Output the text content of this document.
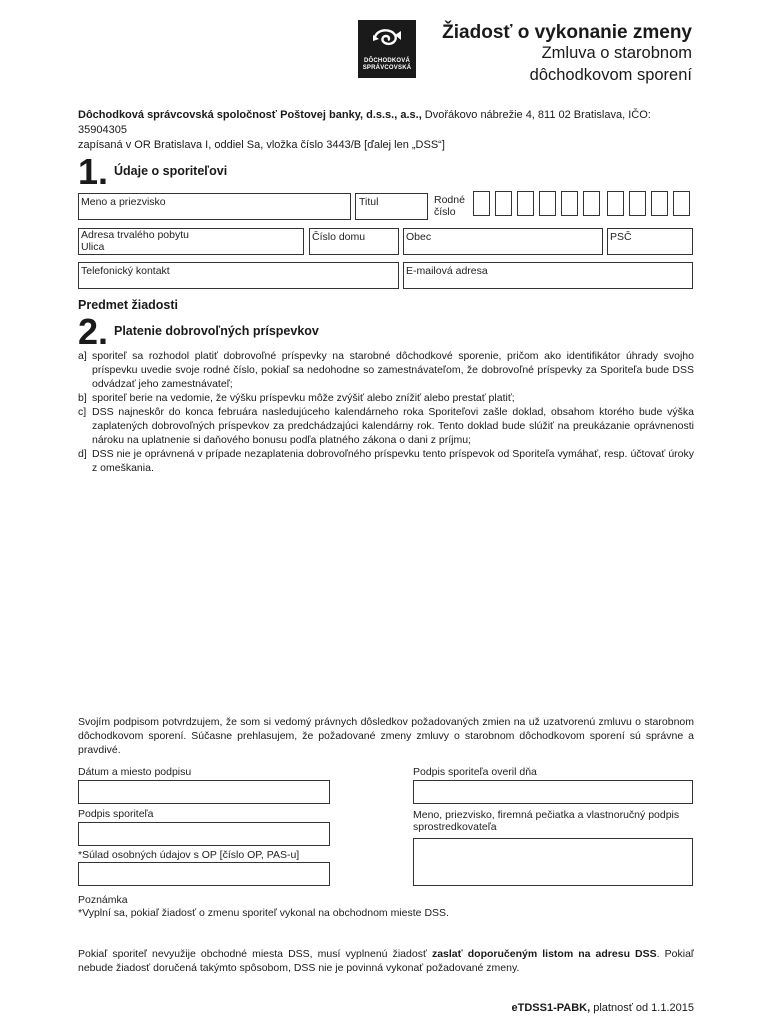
DÔCHODKOVÁ
SPRÁVCOVSKÁ
Žiadosť o vykonanie zmeny
Zmluva o starobnom
dôchodkovom sporení
Dôchodková správcovská spoločnosť Poštovej banky, d.s.s., a.s., Dvořákovo nábrežie 4, 811 02 Bratislava, IČO: 35904305
zapísaná v OR Bratislava I, oddiel Sa, vložka číslo 3443/B [ďalej len „DSS“]
1. Údaje o sporiteľovi
Meno a priezvisko	Titul	Rodné
číslo
Adresa trvalého pobytu
Ulica
Číslo domu	Obec	PSČ
Telefonický kontakt	E-mailová adresa
Predmet žiadosti
2. Platenie dobrovoľných príspevkov
a] sporiteľ sa rozhodol platiť dobrovoľné príspevky na starobné dôchodkové sporenie, pričom ako identifikátor úhrady svojho príspevku uvedie svoje rodné číslo, pokiaľ sa nedohodne so zamestnávateľom, že dobrovoľné príspevky za Sporiteľa bude DSS odvádzať jeho zamestnávateľ;
b] sporiteľ berie na vedomie, že výšku príspevku môže zvýšiť alebo znížiť alebo prestať platiť;
c] DSS najneskôr do konca februára nasledujúceho kalendárneho roka Sporiteľovi zašle doklad, obsahom ktorého bude výška zaplatených dobrovoľných príspevkov za predchádzajúci kalendárny rok. Tento doklad bude slúžiť na preukázanie oprávnenosti nároku na uplatnenie si daňového bonusu podľa platného zákona o dani z príjmu;
d] DSS nie je oprávnená v prípade nezaplatenia dobrovoľného príspevku tento príspevok od Sporiteľa vymáhať, resp. účtovať úroky z omeškania.
Svojím podpisom potvrdzujem, že som si vedomý právnych dôsledkov požadovaných zmien na už uzatvorenú zmluvu o starobnom dôchodkovom sporení. Súčasne prehlasujem, že požadované zmeny zmluvy o starobnom dôchodkovom sporení sú správne a pravdivé.
Dátum a miesto podpisu	Podpis sporiteľa overil dňa
Podpis sporiteľa	Meno, priezvisko, firemná pečiatka a vlastnoručný podpis sprostredkovateľa
*Súlad osobných údajov s OP [číslo OP, PAS-u]
Poznámka
*Vyplní sa, pokiaľ žiadosť o zmenu sporiteľ vykonal na obchodnom mieste DSS.
Pokiaľ sporiteľ nevyužije obchodné miesta DSS, musí vyplnenú žiadosť zaslať doporučeným listom na adresu DSS. Pokiaľ nebude žiadosť doručená takýmto spôsobom, DSS nie je povinná vykonať požadované zmeny.
eTDSS1-PABK, platnosť od 1.1.2015
